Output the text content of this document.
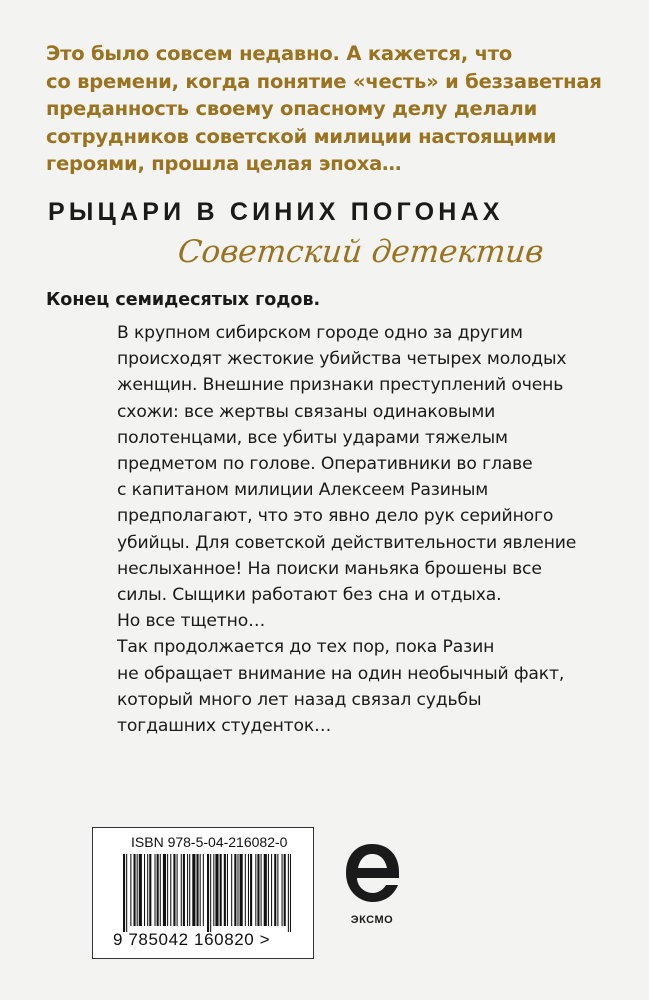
Это было совсем недавно. А кажется, что
со времени, когда понятие «честь» и беззаветная
преданность своему опасному делу делали
сотрудников советской милиции настоящими
героями, прошла целая эпоха…
РЫЦАРИ В СИНИХ ПОГОНАХ
Советский детектив
Конец семидесятых годов.
В крупном сибирском городе одно за другим
происходят жестокие убийства четырех молодых
женщин. Внешние признаки преступлений очень
схожи: все жертвы связаны одинаковыми
полотенцами, все убиты ударами тяжелым
предметом по голове. Оперативники во главе
с капитаном милиции Алексеем Разиным
предполагают, что это явно дело рук серийного
убийцы. Для советской действительности явление
неслыханное! На поиски маньяка брошены все
силы. Сыщики работают без сна и отдыха.
Но все тщетно…
Так продолжается до тех пор, пока Разин
не обращает внимание на один необычный факт,
который много лет назад связал судьбы
тогдашних студенток…
ISBN 978-5-04-216082-0
9 785042 160820 >
ЭКСМО
